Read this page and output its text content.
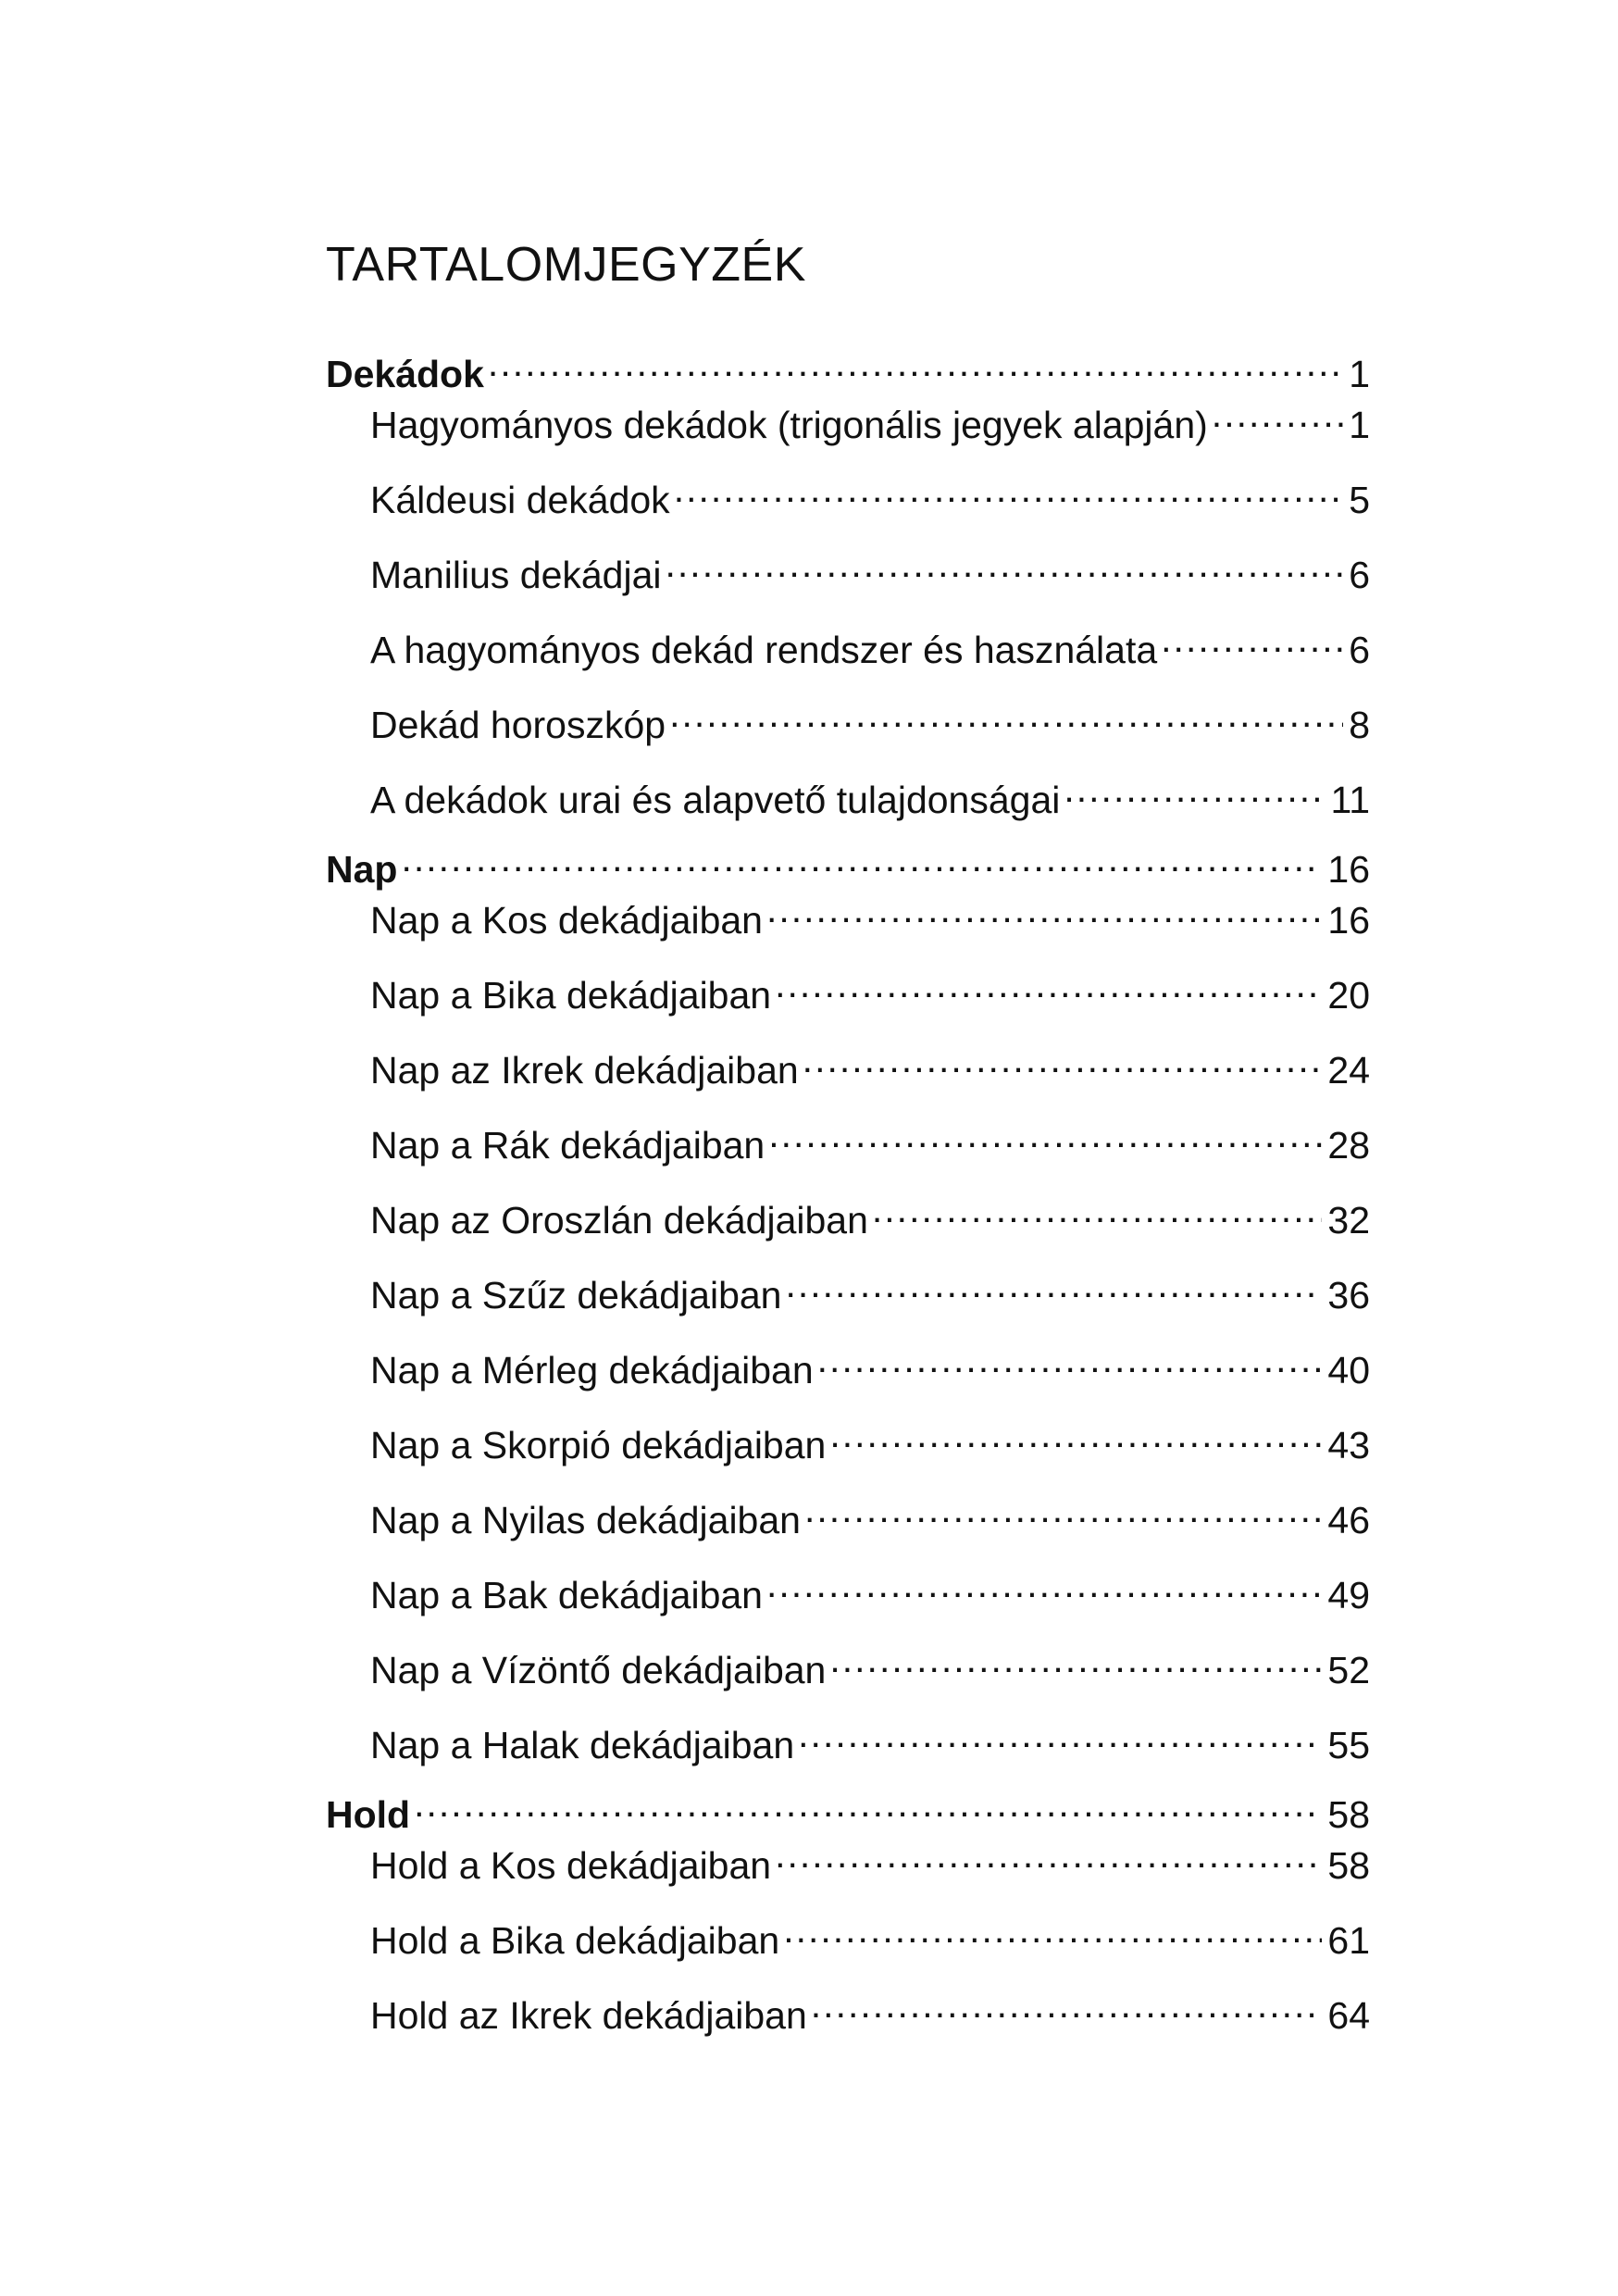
TARTALOMJEGYZÉK
Dekádok .....	1
Hagyományos dekádok (trigonális jegyek alapján) .....	1
Káldeusi dekádok .....	5
Manilius dekádjai .....	6
A hagyományos dekád rendszer és használata .....	6
Dekád horoszkóp .....	8
A dekádok urai és alapvető tulajdonságai .....	11
Nap .....	16
Nap a Kos dekádjaiban .....	16
Nap a Bika dekádjaiban .....	20
Nap az Ikrek dekádjaiban .....	24
Nap a Rák dekádjaiban .....	28
Nap az Oroszlán dekádjaiban .....	32
Nap a Szűz dekádjaiban .....	36
Nap a Mérleg dekádjaiban .....	40
Nap a Skorpió dekádjaiban .....	43
Nap a Nyilas dekádjaiban .....	46
Nap a Bak dekádjaiban .....	49
Nap a Vízöntő dekádjaiban .....	52
Nap a Halak dekádjaiban .....	55
Hold .....	58
Hold a Kos dekádjaiban .....	58
Hold a Bika dekádjaiban .....	61
Hold az Ikrek dekádjaiban .....	64
